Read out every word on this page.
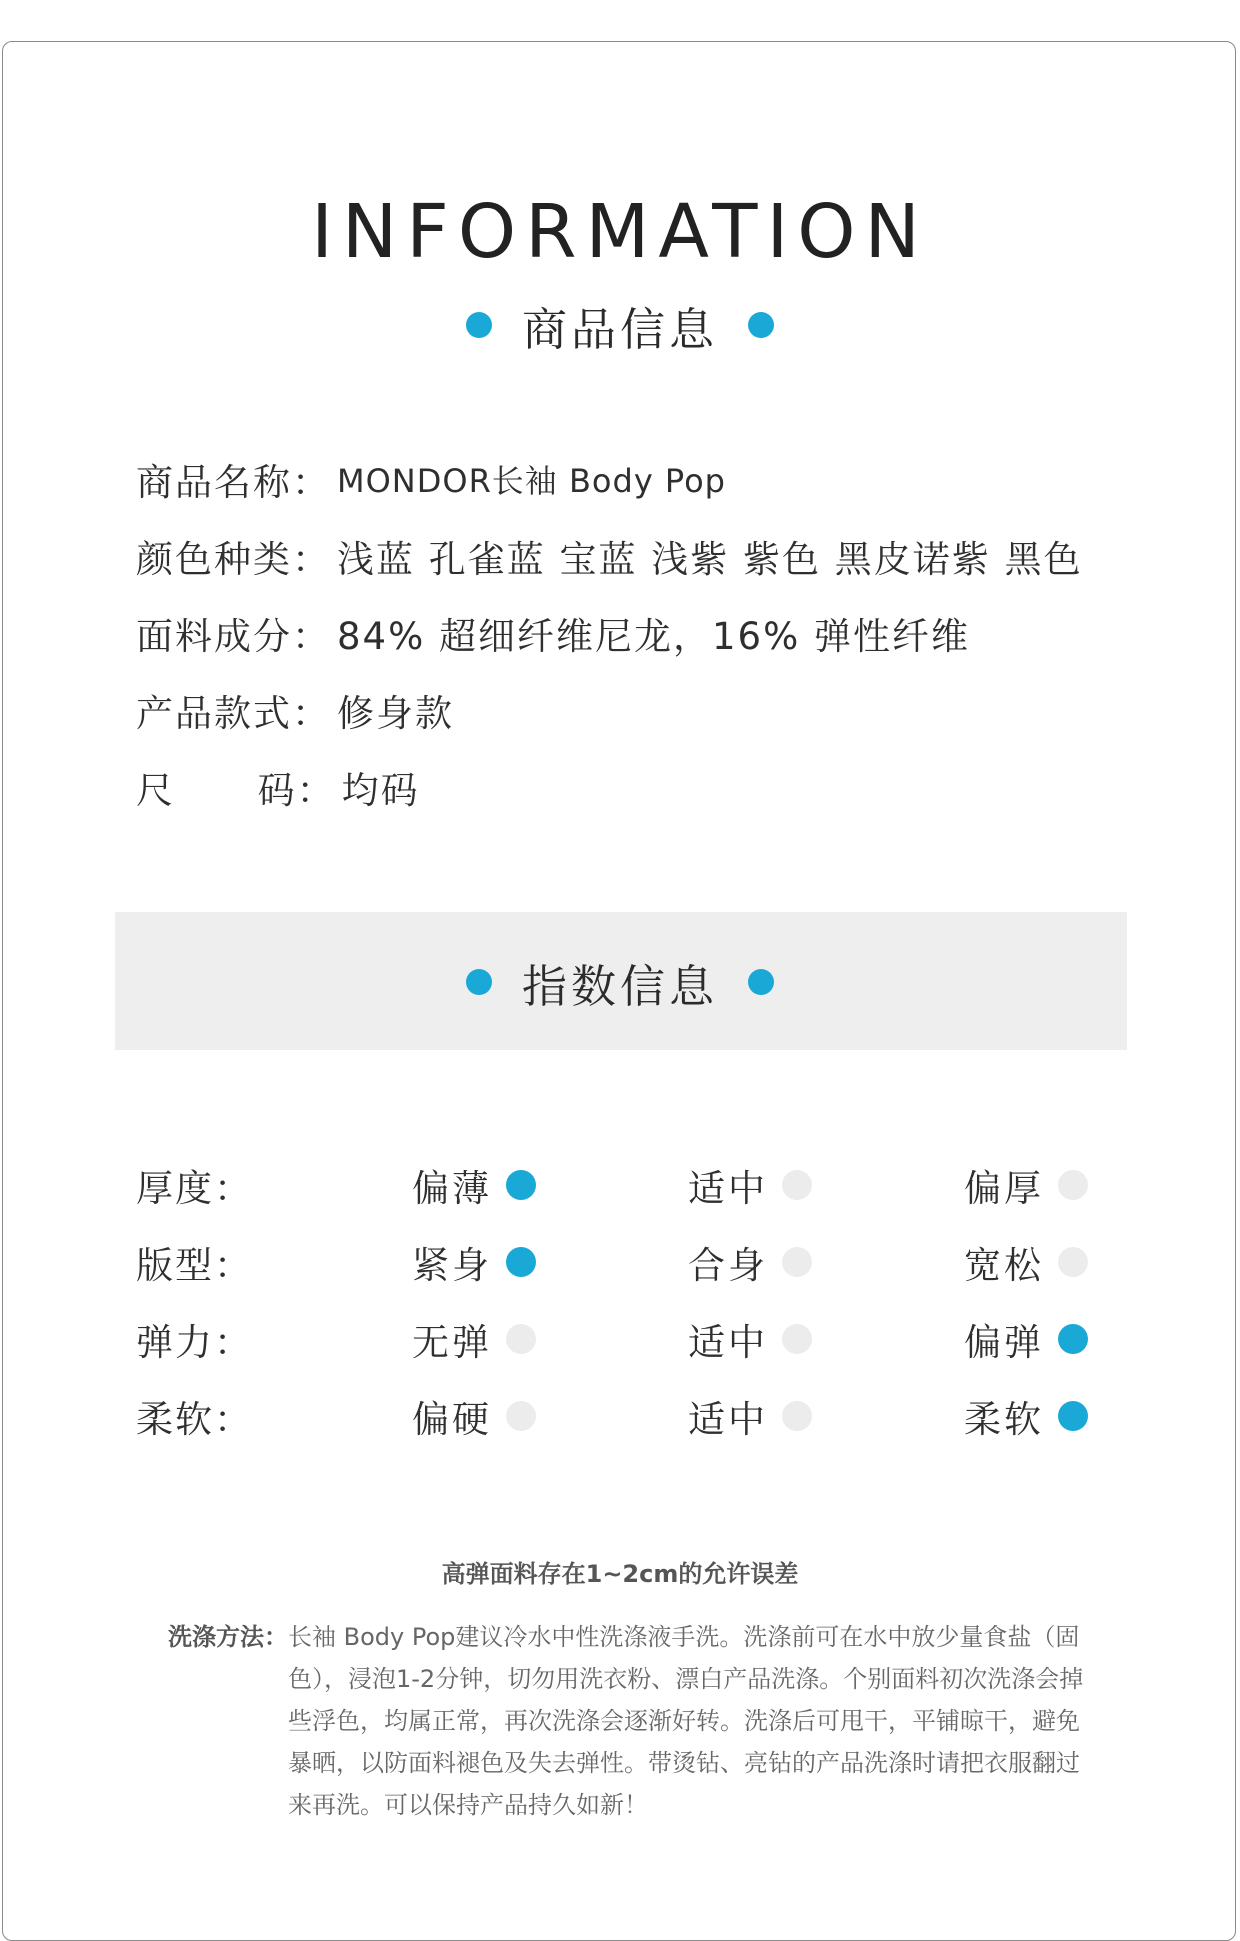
INFORMATION
商品信息
商品名称： MONDOR长袖 Body Pop
颜色种类： 浅蓝 孔雀蓝 宝蓝 浅紫 紫色 黑皮诺紫 黑色
面料成分： 84% 超细纤维尼龙，16% 弹性纤维
产品款式： 修身款
尺      码： 均码
指数信息
厚度：	偏薄	适中	偏厚
版型：	紧身	合身	宽松
弹力：	无弹	适中	偏弹
柔软：	偏硬	适中	柔软
高弹面料存在1~2cm的允许误差
洗涤方法： 长袖 Body Pop建议冷水中性洗涤液手洗。洗涤前可在水中放少量食盐（固色），浸泡1-2分钟，切勿用洗衣粉、漂白产品洗涤。个别面料初次洗涤会掉些浮色，均属正常，再次洗涤会逐渐好转。洗涤后可甩干，平铺晾干，避免暴晒，以防面料褪色及失去弹性。带烫钻、亮钻的产品洗涤时请把衣服翻过来再洗。可以保持产品持久如新！
